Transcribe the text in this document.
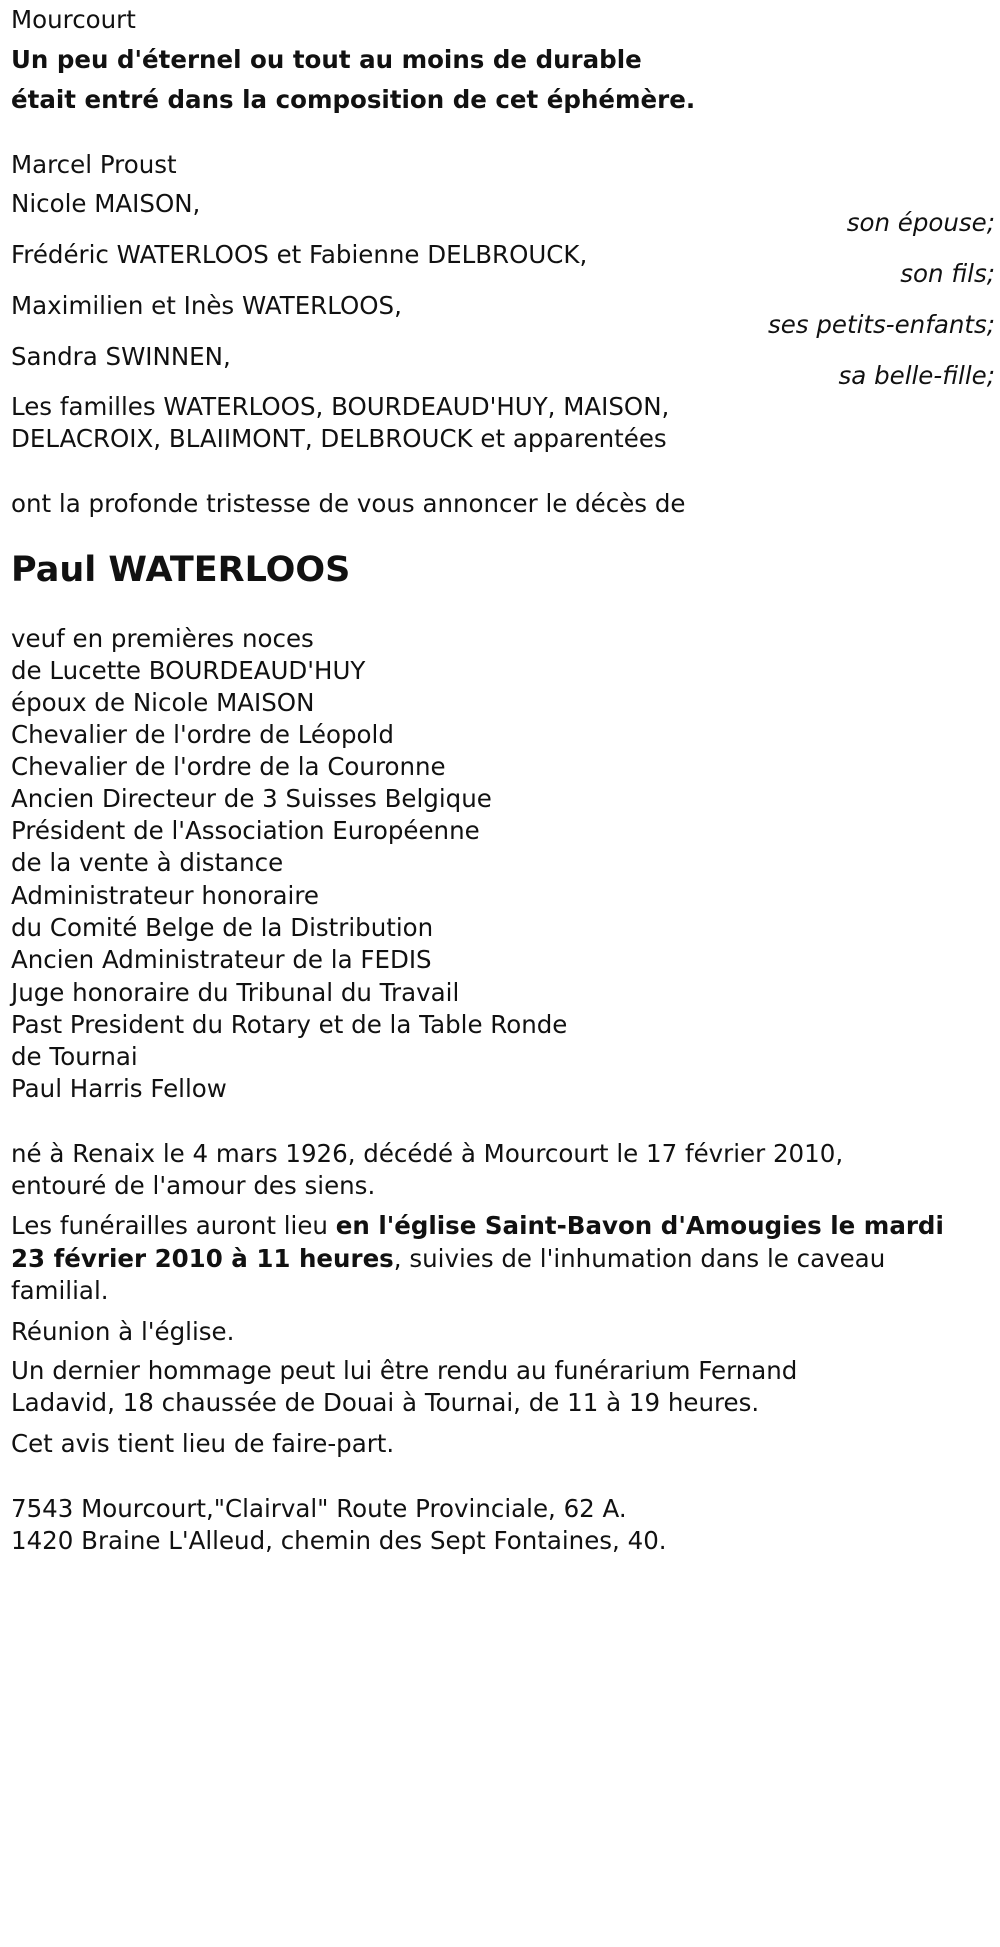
Mourcourt
Un peu d'éternel ou tout au moins de durable
était entré dans la composition de cet éphémère.
Marcel Proust
Nicole MAISON,
son épouse;
Frédéric WATERLOOS et Fabienne DELBROUCK,
son fils;
Maximilien et Inès WATERLOOS,
ses petits-enfants;
Sandra SWINNEN,
sa belle-fille;
Les familles WATERLOOS, BOURDEAUD'HUY, MAISON,
DELACROIX, BLAIIMONT, DELBROUCK et apparentées
ont la profonde tristesse de vous annoncer le décès de
Paul WATERLOOS
veuf en premières noces
de Lucette BOURDEAUD'HUY
époux de Nicole MAISON
Chevalier de l'ordre de Léopold
Chevalier de l'ordre de la Couronne
Ancien Directeur de 3 Suisses Belgique
Président de l'Association Européenne
de la vente à distance
Administrateur honoraire
du Comité Belge de la Distribution
Ancien Administrateur de la FEDIS
Juge honoraire du Tribunal du Travail
Past President du Rotary et de la Table Ronde
de Tournai
Paul Harris Fellow
né à Renaix le 4 mars 1926, décédé à Mourcourt le 17 février 2010,
entouré de l'amour des siens.
Les funérailles auront lieu en l'église Saint-Bavon d'Amougies le mardi
23 février 2010 à 11 heures, suivies de l'inhumation dans le caveau
familial.
Réunion à l'église.
Un dernier hommage peut lui être rendu au funérarium Fernand
Ladavid, 18 chaussée de Douai à Tournai, de 11 à 19 heures.
Cet avis tient lieu de faire-part.
7543 Mourcourt,"Clairval" Route Provinciale, 62 A.
1420 Braine L'Alleud, chemin des Sept Fontaines, 40.
